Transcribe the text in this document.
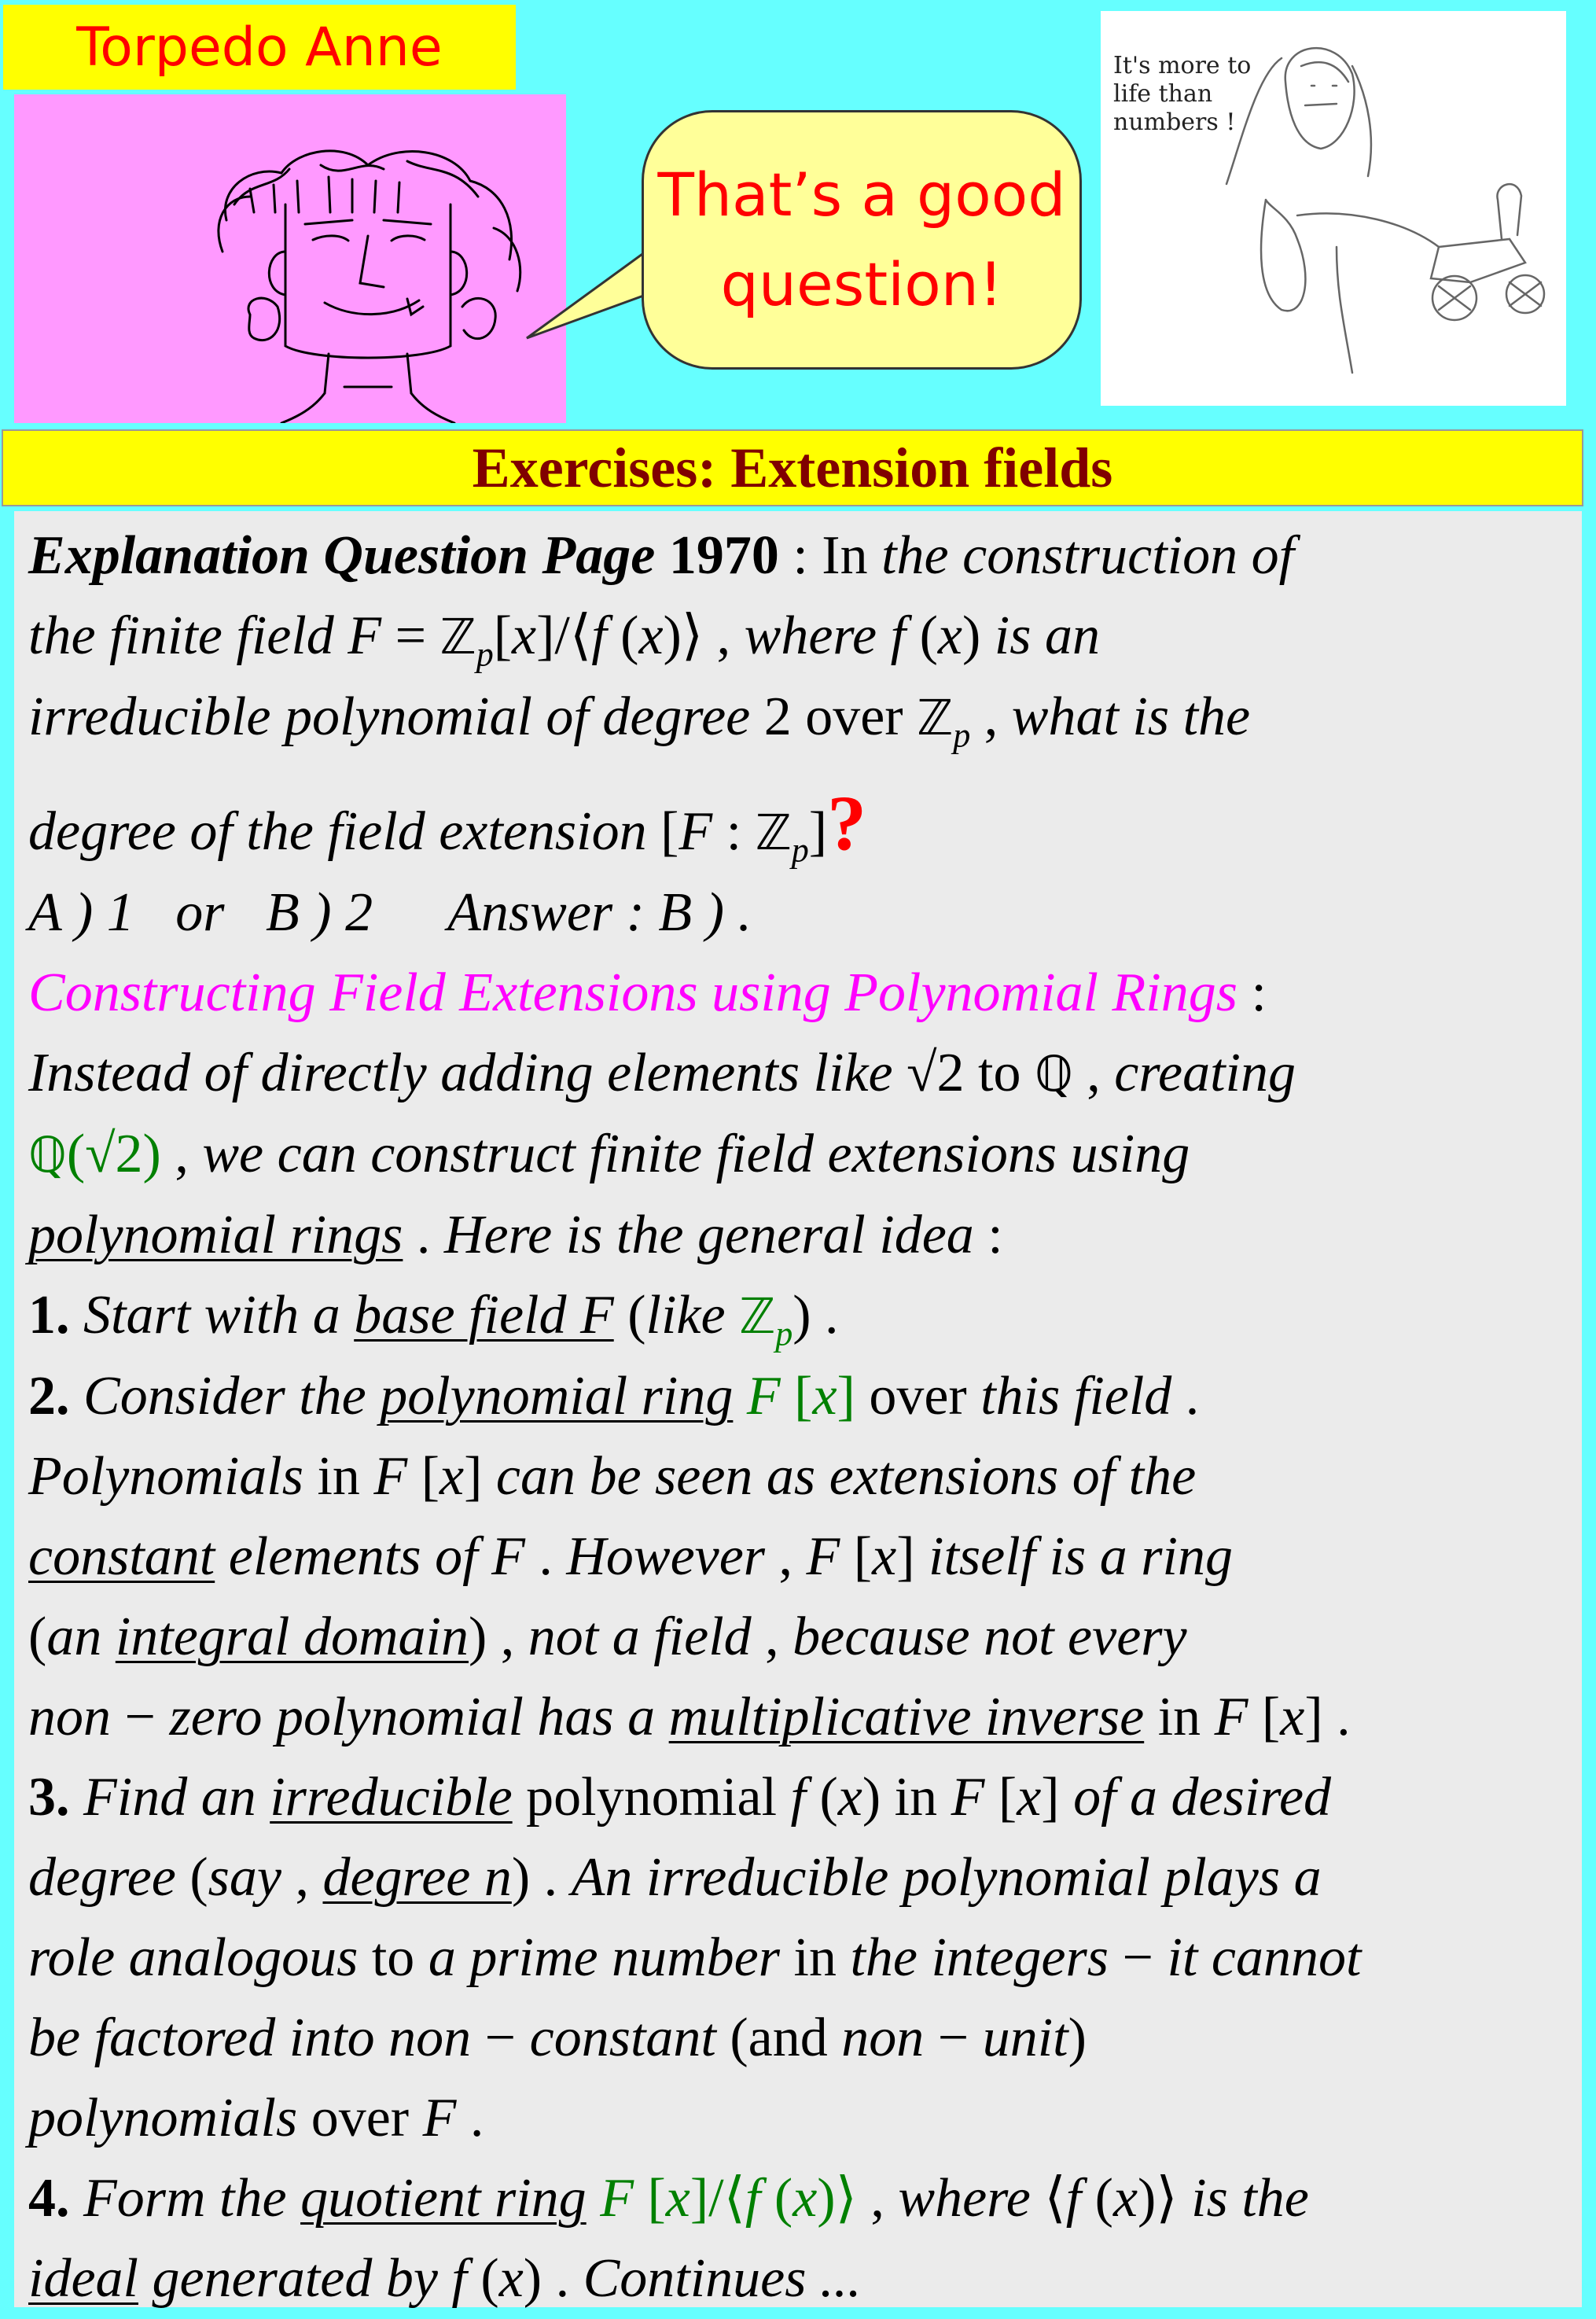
Torpedo Anne
That’s a good
question!
It's more to life than numbers !
Exercises: Extension fields

Explanation Question Page 1970 : In the construction of

the finite field F = ℤ$_p$[x]/⟨f (x)⟩ , where f (x) is an

irreducible polynomial of degree 2 over ℤ$_p$ , what is the

degree of the field extension [F : ℤ$_p$]?

A ) 1   or   B ) 2 Answer : B ) .

Constructing Field Extensions using Polynomial Rings :

Instead of directly adding elements like √2 to ℚ , creating

ℚ(√2) , we can construct finite field extensions using

polynomial rings . Here is the general idea :

1. Start with a base field F (like ℤ$_p$) .

2. Consider the polynomial ring F [x] over this field .

Polynomials in F [x] can be seen as extensions of the

constant elements of F . However , F [x] itself is a ring

(an integral domain) , not a field , because not every

non − zero polynomial has a multiplicative inverse in F [x] .

3. Find an irreducible polynomial f (x) in F [x] of a desired

degree (say , degree n) . An irreducible polynomial plays a

role analogous to a prime number in the integers − it cannot

be factored into non − constant (and non − unit)

polynomials over F .

4. Form the quotient ring F [x]/⟨f (x)⟩ , where ⟨f (x)⟩ is the

ideal generated by f (x) . Continues ...
